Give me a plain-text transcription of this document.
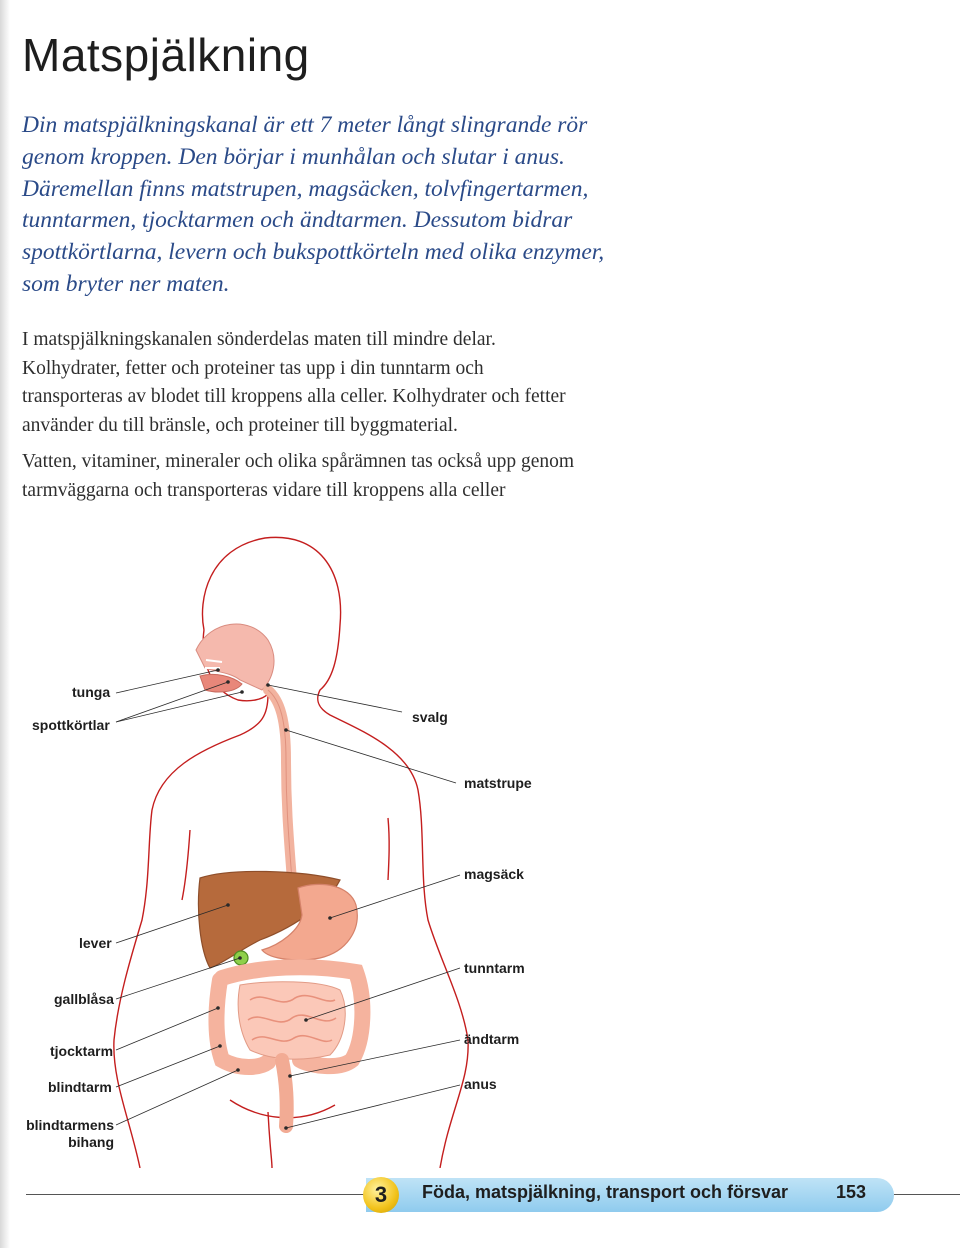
Matspjälkning

Din matspjälkningskanal är ett 7 meter långt slingrande rör genom kroppen. Den börjar i munhålan och slutar i anus. Däremellan finns matstrupen, magsäcken, tolvfingertarmen, tunntarmen, tjocktarmen och ändtarmen. Dessutom bidrar spottkörtlarna, levern och bukspottkörteln med olika enzymer, som bryter ner maten.

I matspjälkningskanalen sönderdelas maten till mindre delar. Kolhydrater, fetter och proteiner tas upp i din tunntarm och transporteras av blodet till kroppens alla celler. Kolhydrater och fetter använder du till bränsle, och proteiner till byggmaterial.

Vatten, vitaminer, mineraler och olika spårämnen tas också upp genom tarmväggarna och transporteras vidare till kroppens alla celler

tunga
spottkörtlar
lever
gallblåsa
tjocktarm
blindtarm
blindtarmens
bihang
svalg
matstrupe
magsäck
tunntarm
ändtarm
anus
3	Föda, matspjälkning, transport och försvar	153
